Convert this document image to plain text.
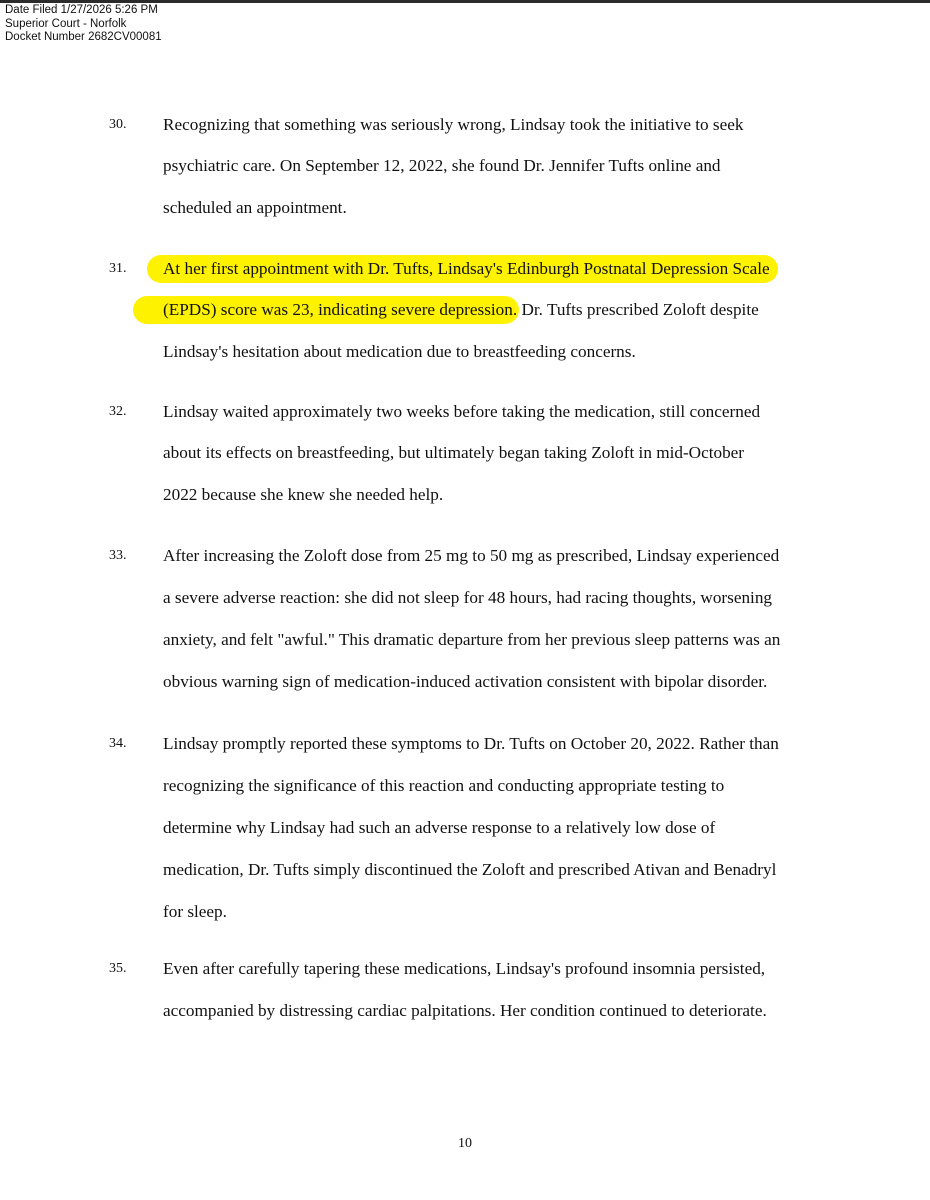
Date Filed 1/27/2026 5:26 PM
Superior Court - Norfolk
Docket Number 2682CV00081
30. Recognizing that something was seriously wrong, Lindsay took the initiative to seek
psychiatric care. On September 12, 2022, she found Dr. Jennifer Tufts online and
scheduled an appointment.
31. At her first appointment with Dr. Tufts, Lindsay's Edinburgh Postnatal Depression Scale
(EPDS) score was 23, indicating severe depression. Dr. Tufts prescribed Zoloft despite
Lindsay's hesitation about medication due to breastfeeding concerns.
32. Lindsay waited approximately two weeks before taking the medication, still concerned
about its effects on breastfeeding, but ultimately began taking Zoloft in mid-October
2022 because she knew she needed help.
33. After increasing the Zoloft dose from 25 mg to 50 mg as prescribed, Lindsay experienced
a severe adverse reaction: she did not sleep for 48 hours, had racing thoughts, worsening
anxiety, and felt "awful." This dramatic departure from her previous sleep patterns was an
obvious warning sign of medication-induced activation consistent with bipolar disorder.
34. Lindsay promptly reported these symptoms to Dr. Tufts on October 20, 2022. Rather than
recognizing the significance of this reaction and conducting appropriate testing to
determine why Lindsay had such an adverse response to a relatively low dose of
medication, Dr. Tufts simply discontinued the Zoloft and prescribed Ativan and Benadryl
for sleep.
35. Even after carefully tapering these medications, Lindsay's profound insomnia persisted,
accompanied by distressing cardiac palpitations. Her condition continued to deteriorate.
10
